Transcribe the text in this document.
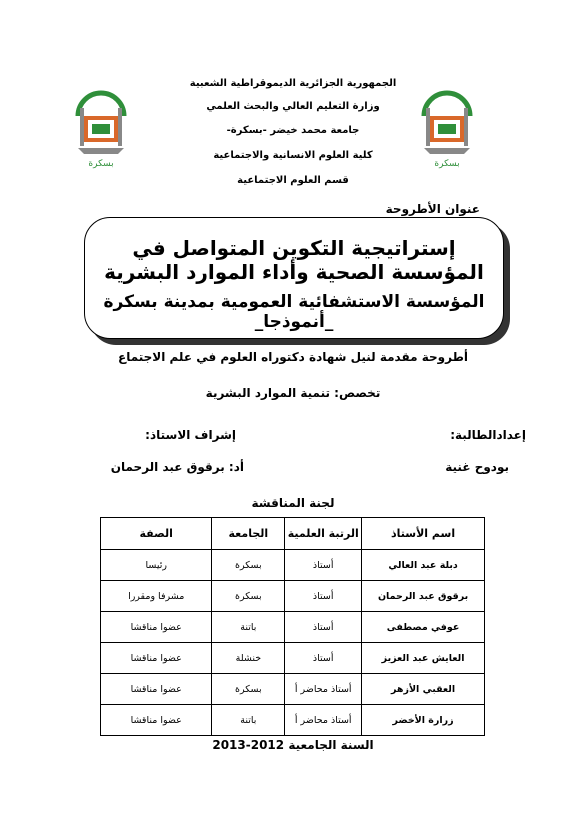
بسكرة	بسكرة
الجمهورية الجزائرية الديموقراطية الشعبية
وزارة التعليم العالي والبحث العلمي
جامعة محمد خيضر -بسكرة-
كلية العلوم الانسانية والاجتماعية
قسم العلوم الاجتماعية
عنوان الأطروحة
إستراتيجية التكوين المتواصل في المؤسسة الصحية وأداء الموارد البشرية
المؤسسة الاستشفائية العمومية بمدينة بسكرة _أنموذجا_
أطروحة مقدمة لنيل شهادة دكتوراه العلوم في علم الاجتماع
تخصص: تنمية الموارد البشرية
إعدادالطالبة:
إشراف الاستاذ:
بودوح غنية
أد: برقوق عبد الرحمان
لجنة المناقشة
اسم الأستاذ	الرتبة العلمية	الجامعة	الصفة
دبلة عبد العالي	أستاذ	بسكرة	رئيسا
برقوق عبد الرحمان	أستاذ	بسكرة	مشرفا ومقررا
عوفي مصطفى	أستاذ	باتنة	عضوا مناقشا
العايش عبد العزيز	أستاذ	خنشلة	عضوا مناقشا
العقبي الأزهر	أستاذ محاضر أ	بسكرة	عضوا مناقشا
زرارة الأخضر	أستاذ محاضر أ	باتنة	عضوا مناقشا
السنة الجامعية 2012-2013
